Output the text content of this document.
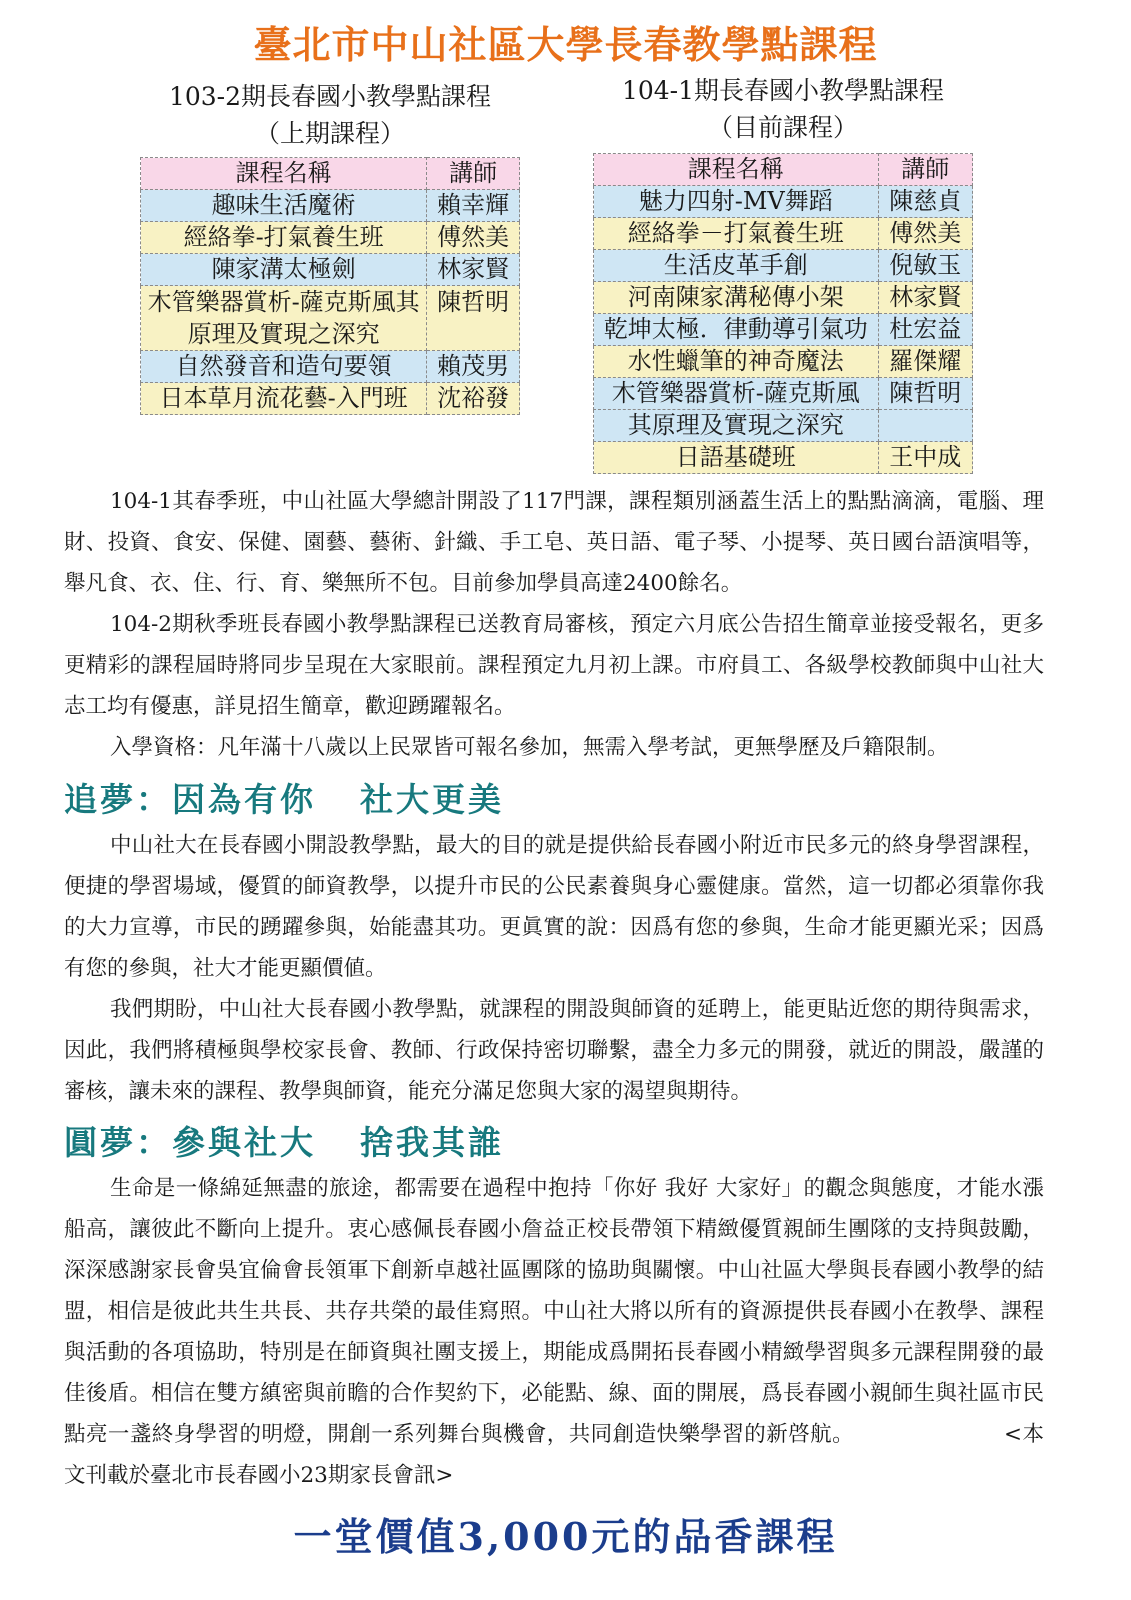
臺北市中山社區大學長春教學點課程
103-2期長春國小教學點課程
（上期課程）
課程名稱	講師
趣味生活魔術	賴幸輝
經絡拳-打氣養生班	傅然美
陳家溝太極劍	林家賢
木管樂器賞析-薩克斯風其原理及實現之深究	陳哲明
自然發音和造句要領	賴茂男
日本草月流花藝-入門班	沈裕發
104-1期長春國小教學點課程
（目前課程）
課程名稱	講師
魅力四射-MV舞蹈	陳慈貞
經絡拳－打氣養生班	傅然美
生活皮革手創	倪敏玉
河南陳家溝秘傳小架	林家賢
乾坤太極．律動導引氣功	杜宏益
水性蠟筆的神奇魔法	羅傑耀
木管樂器賞析-薩克斯風	陳哲明
其原理及實現之深究	
日語基礎班	王中成

104-1其春季班，中山社區大學總計開設了117門課，課程類別涵蓋生活上的點點滴滴，電腦、理財、投資、食安、保健、園藝、藝術、針織、手工皂、英日語、電子琴、小提琴、英日國台語演唱等，舉凡食、衣、住、行、育、樂無所不包。目前參加學員高達2400餘名。

104-2期秋季班長春國小教學點課程已送教育局審核，預定六月底公告招生簡章並接受報名，更多更精彩的課程屆時將同步呈現在大家眼前。課程預定九月初上課。市府員工、各級學校教師與中山社大志工均有優惠，詳見招生簡章，歡迎踴躍報名。

入學資格：凡年滿十八歲以上民眾皆可報名參加，無需入學考試，更無學歷及戶籍限制。

追夢：因為有你 社大更美

中山社大在長春國小開設教學點，最大的目的就是提供給長春國小附近市民多元的終身學習課程，便捷的學習場域，優質的師資教學，以提升市民的公民素養與身心靈健康。當然，這一切都必須靠你我的大力宣導，市民的踴躍參與，始能盡其功。更眞實的說：因爲有您的參與，生命才能更顯光采；因爲有您的參與，社大才能更顯價値。

我們期盼，中山社大長春國小教學點，就課程的開設與師資的延聘上，能更貼近您的期待與需求，因此，我們將積極與學校家長會、教師、行政保持密切聯繫，盡全力多元的開發，就近的開設，嚴謹的審核，讓未來的課程、教學與師資，能充分滿足您與大家的渴望與期待。

圓夢：參與社大 捨我其誰

生命是一條綿延無盡的旅途，都需要在過程中抱持「你好 我好 大家好」的觀念與態度，才能水漲船高，讓彼此不斷向上提升。衷心感佩長春國小詹益正校長帶領下精緻優質親師生團隊的支持與鼓勵，深深感謝家長會吳宜倫會長領軍下創新卓越社區團隊的協助與關懷。中山社區大學與長春國小教學的結盟，相信是彼此共生共長、共存共榮的最佳寫照。中山社大將以所有的資源提供長春國小在教學、課程與活動的各項協助，特別是在師資與社團支援上，期能成爲開拓長春國小精緻學習與多元課程開發的最佳後盾。相信在雙方縝密與前瞻的合作契約下，必能點、線、面的開展，爲長春國小親師生與社區市民點亮一盞終身學習的明燈，開創一系列舞台與機會，共同創造快樂學習的新啓航。	<本文刊載於臺北市長春國小23期家長會訊>

一堂價值3,000元的品香課程
